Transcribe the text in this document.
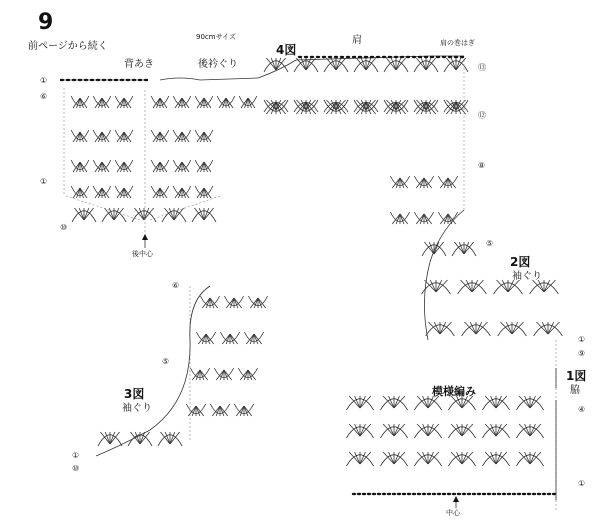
9
前ページから続く
90cmサイズ
背あき	後衿ぐり
4図
肩	肩の巻はぎ
後中心
2図
袖ぐり
3図
袖ぐり
1図
脇
模様編み
中心
①
⑥
①
⑩
⑬
⑫
⑧
⑤
①
⑨
⑥
⑤
①
⑩
④
①
